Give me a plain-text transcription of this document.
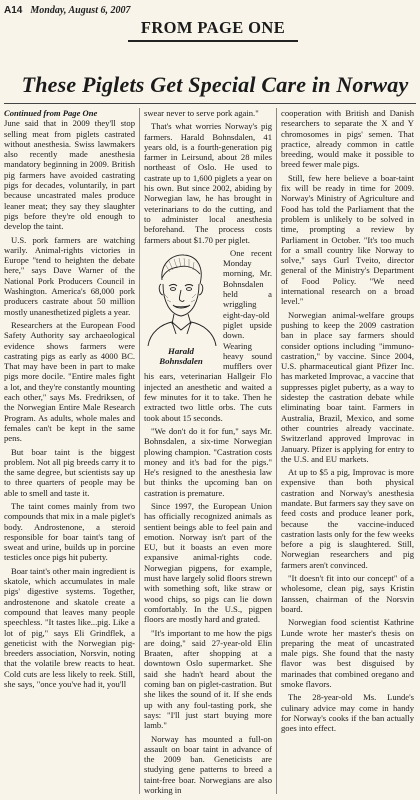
A14 Monday, August 6, 2007
FROM PAGE ONE
These Piglets Get Special Care in Norway

Continued from Page One
June said that in 2009 they'll stop selling meat from piglets castrated without anesthesia. Swiss lawmakers also recently made anesthesia mandatory beginning in 2009. British pig farmers have avoided castrating pigs for decades, voluntarily, in part because uncastrated males produce leaner meat; they say they slaughter pigs before they're old enough to develop the taint.

U.S. pork farmers are watching warily. Animal-rights victories in Europe "tend to heighten the debate here," says Dave Warner of the National Pork Producers Council in Washington. America's 68,000 pork producers castrate about 50 million mostly unanesthetized piglets a year.

Researchers at the European Food Safety Authority say archaeological evidence shows farmers were castrating pigs as early as 4000 BC. That may have been in part to make pigs more docile. "Entire males fight a lot, and they're constantly mounting each other," says Ms. Fredriksen, of the Norwegian Entire Male Research Program. As adults, whole males and females can't be kept in the same pens.

But boar taint is the biggest problem. Not all pig breeds carry it to the same degree, but scientists say up to three quarters of people may be able to smell and taste it.

The taint comes mainly from two compounds that mix in a male piglet's body. Androstenone, a steroid responsible for boar taint's tang of sweat and urine, builds up in porcine testicles once pigs hit puberty.

Boar taint's other main ingredient is skatole, which accumulates in male pigs' digestive systems. Together, androstenone and skatole create a compound that leaves many people speechless. "It tastes like...pig. Like a lot of pig," says Eli Grindflek, a geneticist with the Norwegian pig-breeders association, Norsvin, noting that the volatile brew reacts to heat. Cold cuts are less likely to reek. Still, she says, "once you've had it, you'll

swear never to serve pork again."

That's what worries Norway's pig farmers. Harald Bohnsdalen, 41 years old, is a fourth-generation pig farmer in Leirsund, about 28 miles northeast of Oslo. He used to castrate up to 1,600 piglets a year on his own. But since 2002, abiding by Norwegian law, he has brought in veterinarians to do the cutting, and to administer local anesthesia beforehand. The process costs farmers about $1.70 per piglet.

Harald
Bohnsdalen

One recent Monday morning, Mr. Bohnsdalen held a wriggling eight-day-old piglet upside down. Wearing heavy sound mufflers over his ears, veterinarian Hallgeir Flo injected an anesthetic and waited a few minutes for it to take. Then he extracted two little orbs. The cuts took about 15 seconds.

"We don't do it for fun," says Mr. Bohnsdalen, a six-time Norwegian plowing champion. "Castration costs money and it's bad for the pigs." He's resigned to the anesthesia law but thinks the upcoming ban on castration is premature.

Since 1997, the European Union has officially recognized animals as sentient beings able to feel pain and emotion. Norway isn't part of the EU, but it boasts an even more expansive animal-rights code. Norwegian pigpens, for example, must have largely solid floors strewn with something soft, like straw or wood chips, so pigs can lie down comfortably. In the U.S., pigpen floors are mostly hard and grated.

"It's important to me how the pigs are doing," said 27-year-old Elin Braaten, after shopping at a downtown Oslo supermarket. She said she hadn't heard about the coming ban on piglet-castration. But she likes the sound of it. If she ends up with any foul-tasting pork, she says: "I'll just start buying more lamb."

Norway has mounted a full-on assault on boar taint in advance of the 2009 ban. Geneticists are studying gene patterns to breed a taint-free boar. Norwegians are also working in

cooperation with British and Danish researchers to separate the X and Y chromosomes in pigs' semen. That practice, already common in cattle breeding, would make it possible to breed fewer male pigs.

Still, few here believe a boar-taint fix will be ready in time for 2009. Norway's Ministry of Agriculture and Food has told the Parliament that the problem is unlikely to be solved in time, prompting a review by Parliament in October. "It's too much for a small country like Norway to solve," says Gurl Tveito, director general of the Ministry's Department of Food Policy. "We need international research on a broad level."

Norwegian animal-welfare groups pushing to keep the 2009 castration ban in place say farmers should consider options including "immuno-castration," by vaccine. Since 2004, U.S. pharmaceutical giant Pfizer Inc. has marketed Improvac, a vaccine that suppresses piglet puberty, as a way to sidestep the castration debate while eliminating boar taint. Farmers in Australia, Brazil, Mexico, and some other countries already vaccinate. Switzerland approved Improvac in January. Pfizer is applying for entry to the U.S. and EU markets.

At up to $5 a pig, Improvac is more expensive than both physical castration and Norway's anesthesia mandate. But farmers say they save on feed costs and produce leaner pork, because the vaccine-induced castration lasts only for the few weeks before a pig is slaughtered. Still, Norwegian researchers and pig farmers aren't convinced.

"It doesn't fit into our concept" of a wholesome, clean pig, says Kristin Ianssen, chairman of the Norsvin board.

Norwegian food scientist Kathrine Lunde wrote her master's thesis on preparing the meat of uncastrated male pigs. She found that the nasty flavor was best disguised by marinades that combined oregano and smoke flavors.

The 28-year-old Ms. Lunde's culinary advice may come in handy for Norway's cooks if the ban actually goes into effect.
